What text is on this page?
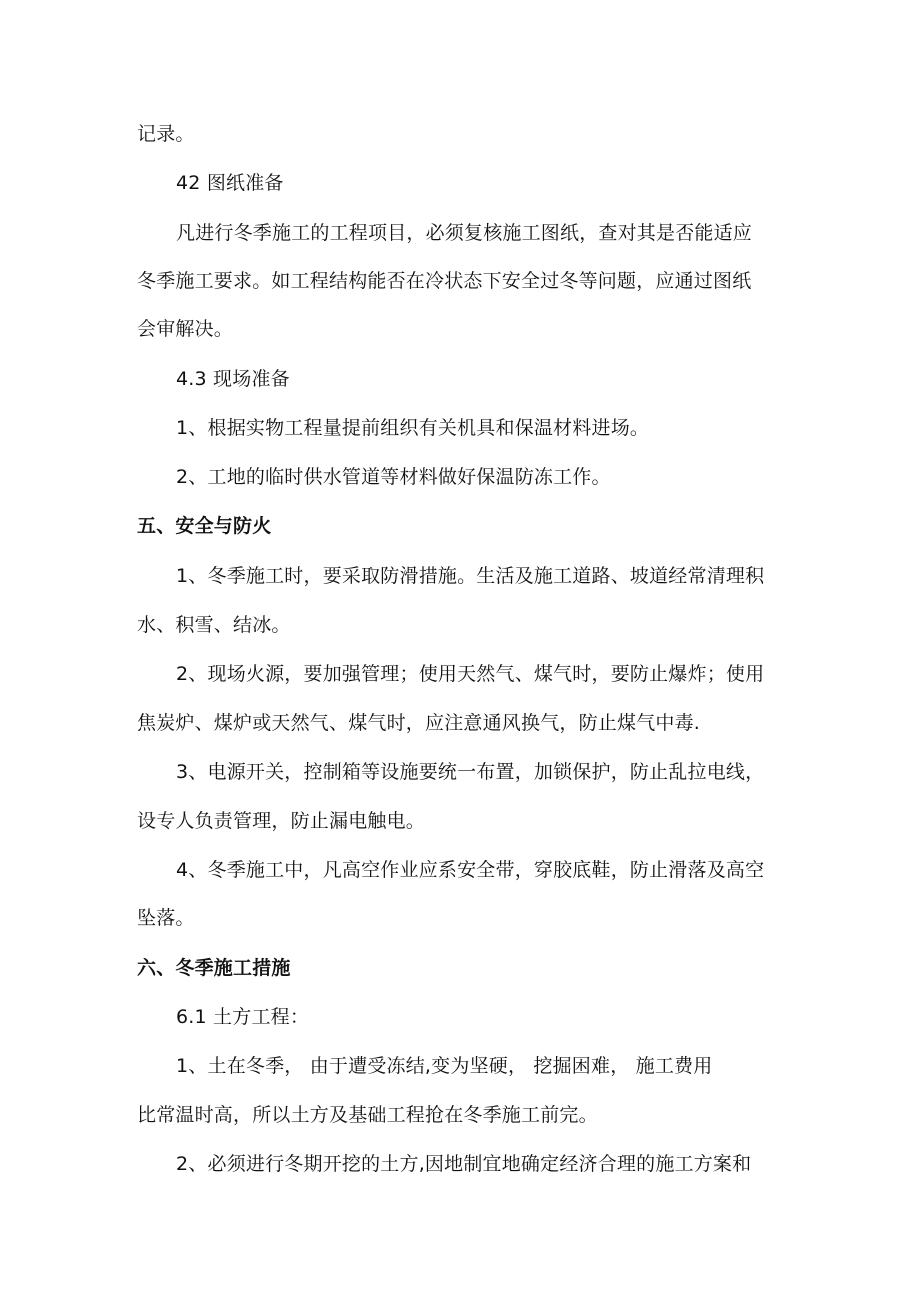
记录。
42 图纸准备
凡进行冬季施工的工程项目，必须复核施工图纸，查对其是否能适应
冬季施工要求。如工程结构能否在冷状态下安全过冬等问题，应通过图纸
会审解决。
4.3 现场准备
1、根据实物工程量提前组织有关机具和保温材料进场。
2、工地的临时供水管道等材料做好保温防冻工作。
五、安全与防火
1、冬季施工时，要采取防滑措施。生活及施工道路、坡道经常清理积
水、积雪、结冰。
2、现场火源，要加强管理；使用天然气、煤气时，要防止爆炸；使用
焦炭炉、煤炉或天然气、煤气时，应注意通风换气，防止煤气中毒.
3、电源开关，控制箱等设施要统一布置，加锁保护，防止乱拉电线，
设专人负责管理，防止漏电触电。
4、冬季施工中，凡高空作业应系安全带，穿胶底鞋，防止滑落及高空
坠落。
六、冬季施工措施
6.1 土方工程：
1、土在冬季， 由于遭受冻结,变为坚硬， 挖掘困难， 施工费用
比常温时高，所以土方及基础工程抢在冬季施工前完。
2、必须进行冬期开挖的土方,因地制宜地确定经济合理的施工方案和
